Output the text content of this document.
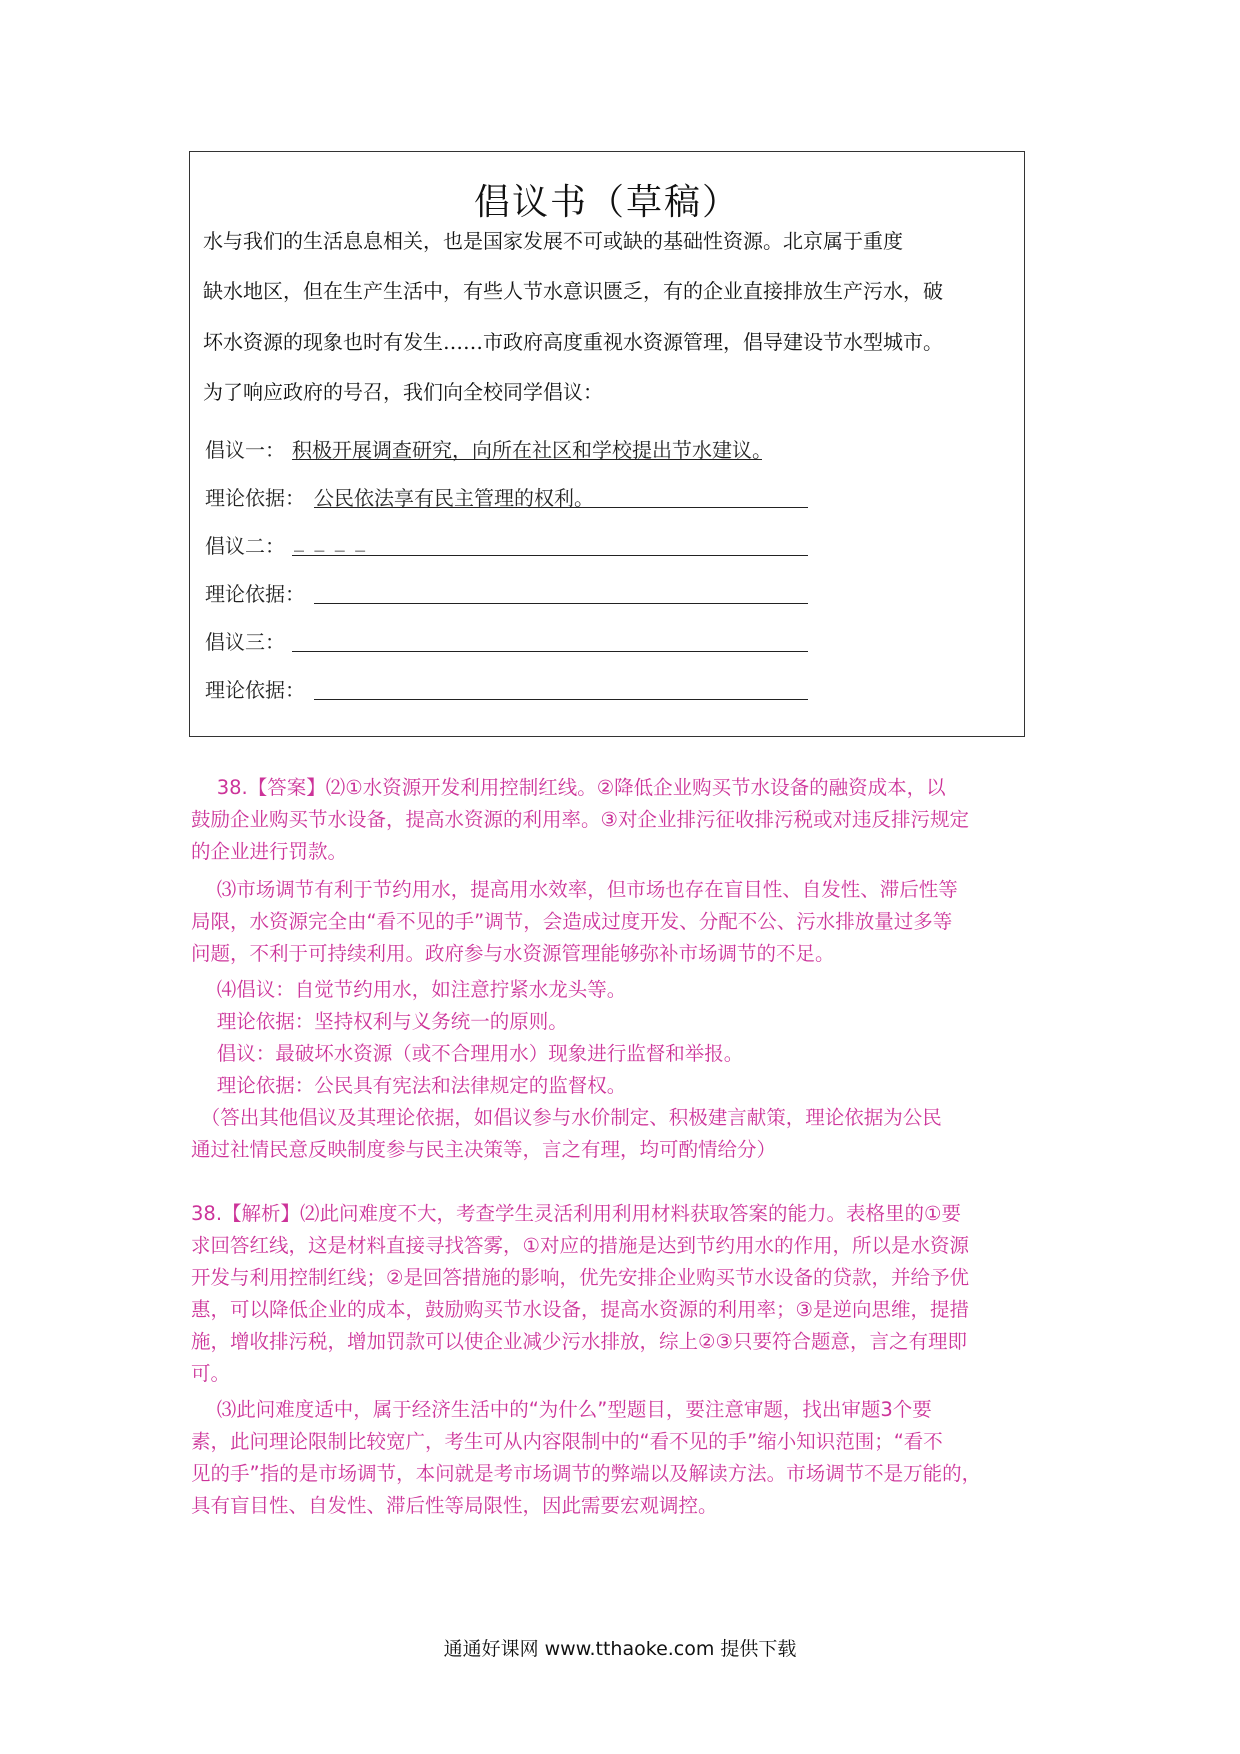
倡议书（草稿）
水与我们的生活息息相关，也是国家发展不可或缺的基础性资源。北京属于重度
缺水地区，但在生产生活中，有些人节水意识匮乏，有的企业直接排放生产污水，破
坏水资源的现象也时有发生……市政府高度重视水资源管理，倡导建设节水型城市。
为了响应政府的号召，我们向全校同学倡议：
倡议一： 积极开展调查研究，向所在社区和学校提出节水建议。
理论依据： 公民依法享有民主管理的权利。
倡议二： _ _ _ _
理论依据：
倡议三：
理论依据：
　 38.【答案】⑵①水资源开发利用控制红线。②降低企业购买节水设备的融资成本，以
鼓励企业购买节水设备，提高水资源的利用率。③对企业排污征收排污税或对违反排污规定
的企业进行罚款。
　 ⑶市场调节有利于节约用水，提高用水效率，但市场也存在盲目性、自发性、滞后性等
局限，水资源完全由“看不见的手”调节，会造成过度开发、分配不公、污水排放量过多等
问题，不利于可持续利用。政府参与水资源管理能够弥补市场调节的不足。
　 ⑷倡议：自觉节约用水，如注意拧紧水龙头等。
　 理论依据：坚持权利与义务统一的原则。
　 倡议：最破坏水资源（或不合理用水）现象进行监督和举报。
　 理论依据：公民具有宪法和法律规定的监督权。
　（答出其他倡议及其理论依据，如倡议参与水价制定、积极建言献策，理论依据为公民
通过社情民意反映制度参与民主决策等，言之有理，均可酌情给分）
38.【解析】⑵此问难度不大，考查学生灵活利用利用材料获取答案的能力。表格里的①要
求回答红线，这是材料直接寻找答雾，①对应的措施是达到节约用水的作用，所以是水资源
开发与利用控制红线；②是回答措施的影响，优先安排企业购买节水设备的贷款，并给予优
惠，可以降低企业的成本，鼓励购买节水设备，提高水资源的利用率；③是逆向思维，提措
施，增收排污税，增加罚款可以使企业减少污水排放，综上②③只要符合题意，言之有理即
可。
　 ⑶此问难度适中，属于经济生活中的“为什么”型题目，要注意审题，找出审题3个要
素，此问理论限制比较宽广，考生可从内容限制中的“看不见的手”缩小知识范围；“看不
见的手”指的是市场调节，本问就是考市场调节的弊端以及解读方法。市场调节不是万能的，
具有盲目性、自发性、滞后性等局限性，因此需要宏观调控。
通通好课网 www.tthaoke.com 提供下载
